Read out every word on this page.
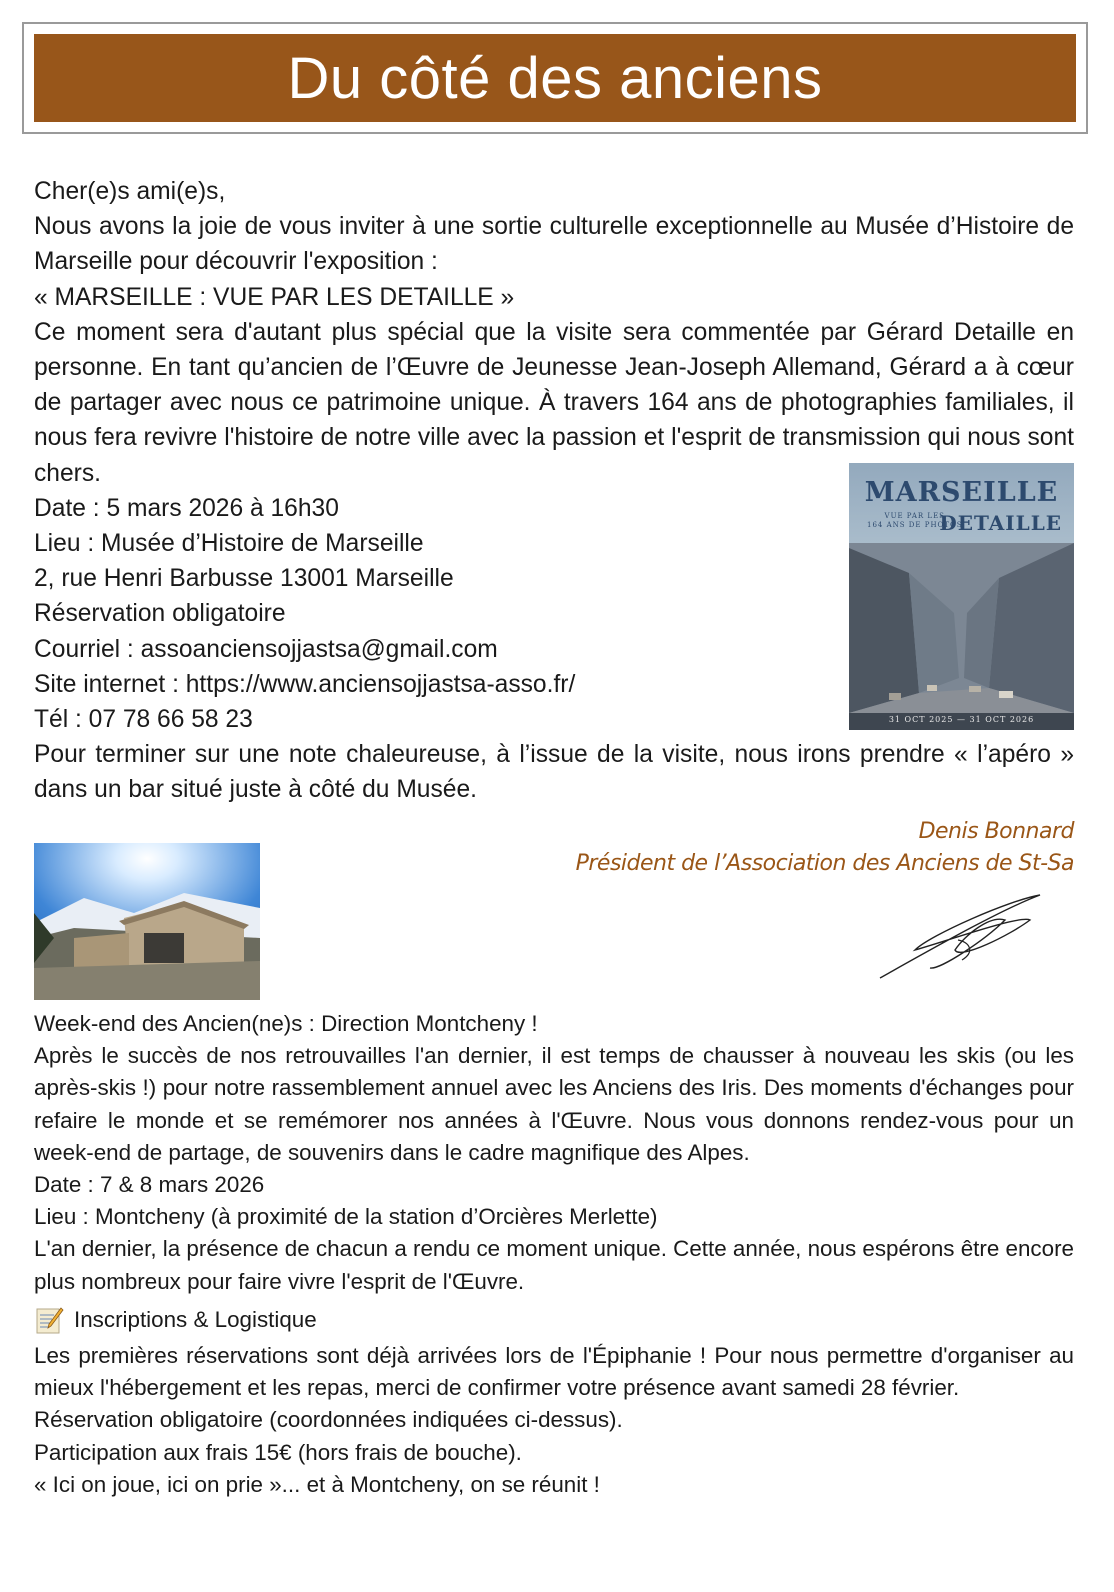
Du côté des anciens

Cher(e)s ami(e)s,

Nous avons la joie de vous inviter à une sortie culturelle exceptionnelle au Musée d’Histoire de Marseille pour découvrir l'exposition :

« MARSEILLE : VUE PAR LES DETAILLE »

Ce moment sera d'autant plus spécial que la visite sera commentée par Gérard Detaille en personne. En tant qu’ancien de l’Œuvre de Jeunesse Jean-Joseph Allemand, Gérard a à cœur de partager avec nous ce patrimoine unique. À travers 164 ans de photographies familiales, il nous fera revivre l'histoire de notre ville avec la passion et l'esprit de transmission qui nous sont chers.

Date : 5 mars 2026 à 16h30

Lieu : Musée d’Histoire de Marseille

2, rue Henri Barbusse 13001 Marseille

Réservation obligatoire

Courriel : assoanciensojjastsa@gmail.com

Site internet : https://www.anciensojjastsa-asso.fr/

Tél : 07 78 66 58 23

Pour terminer sur une note chaleureuse, à l’issue de la visite, nous irons prendre « l’apéro » dans un bar situé juste à côté du Musée.

MARSEILLE
VUE PAR LES
164 ANS DE PHOTOS
DETAILLE
31 OCT 2025 — 31 OCT 2026
Denis Bonnard
Président de l’Association des Anciens de St-Sa

Week-end des Ancien(ne)s : Direction Montcheny !

Après le succès de nos retrouvailles l'an dernier, il est temps de chausser à nouveau les skis (ou les après-skis !) pour notre rassemblement annuel avec les Anciens des Iris. Des moments d'échanges pour refaire le monde et se remémorer nos années à l'Œuvre. Nous vous donnons rendez-vous pour un week-end de partage, de souvenirs dans le cadre magnifique des Alpes.

Date : 7 & 8 mars 2026

Lieu : Montcheny (à proximité de la station d’Orcières Merlette)

L'an dernier, la présence de chacun a rendu ce moment unique. Cette année, nous espérons être encore plus nombreux pour faire vivre l'esprit de l'Œuvre.

Inscriptions & Logistique

Les premières réservations sont déjà arrivées lors de l'Épiphanie ! Pour nous permettre d'organiser au mieux l'hébergement et les repas, merci de confirmer votre présence avant samedi 28 février.

Réservation obligatoire (coordonnées indiquées ci-dessus).

Participation aux frais 15€ (hors frais de bouche).

« Ici on joue, ici on prie »... et à Montcheny, on se réunit !
